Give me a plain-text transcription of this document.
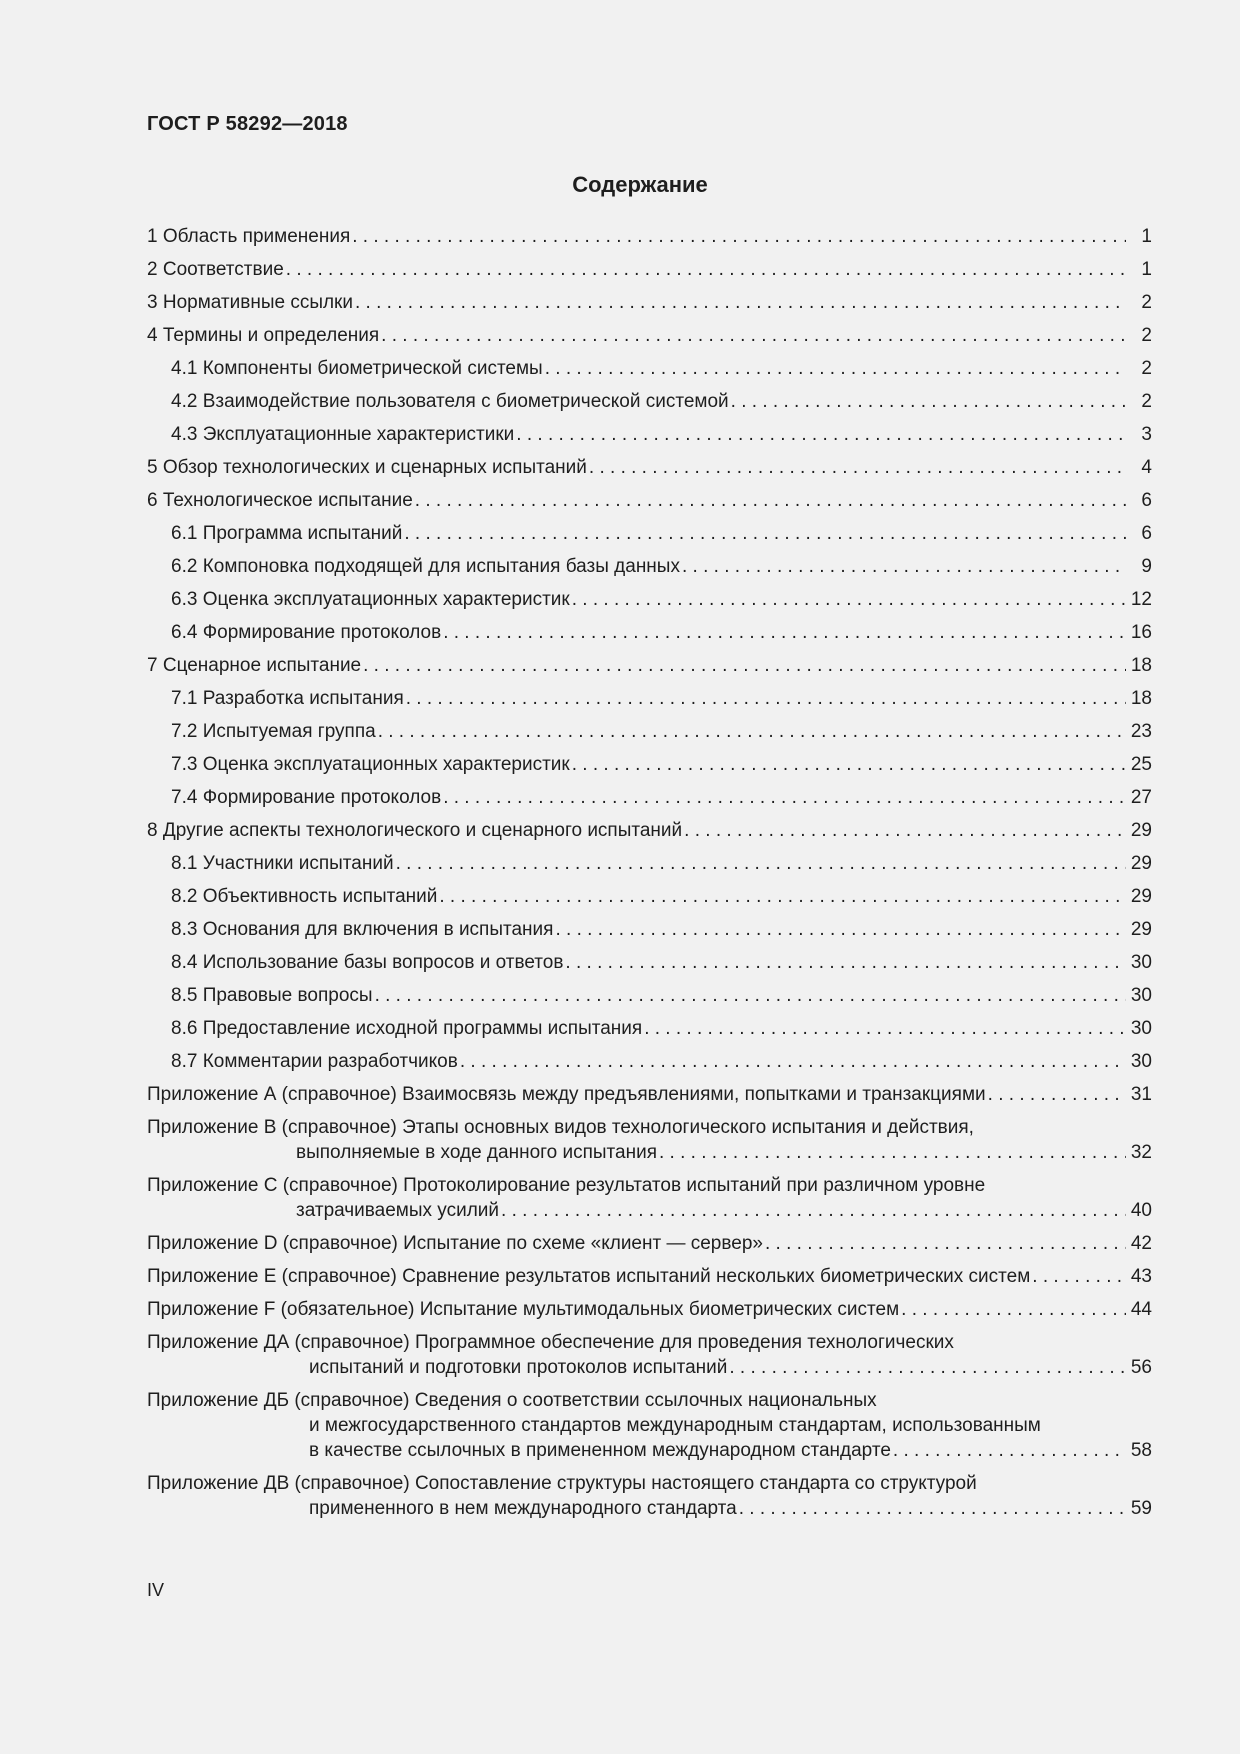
ГОСТ Р 58292—2018
Содержание
1 Область применения . . .	1
2 Соответствие . . .	1
3 Нормативные ссылки . . .	2
4 Термины и определения . . .	2
4.1 Компоненты биометрической системы . . .	2
4.2 Взаимодействие пользователя с биометрической системой . . .	2
4.3 Эксплуатационные характеристики . . .	3
5 Обзор технологических и сценарных испытаний . . .	4
6 Технологическое испытание . . .	6
6.1 Программа испытаний . . .	6
6.2 Компоновка подходящей для испытания базы данных . . .	9
6.3 Оценка эксплуатационных характеристик . . .	12
6.4 Формирование протоколов . . .	16
7 Сценарное испытание . . .	18
7.1 Разработка испытания . . .	18
7.2 Испытуемая группа . . .	23
7.3 Оценка эксплуатационных характеристик . . .	25
7.4 Формирование протоколов . . .	27
8 Другие аспекты технологического и сценарного испытаний . . .	29
8.1 Участники испытаний . . .	29
8.2 Объективность испытаний . . .	29
8.3 Основания для включения в испытания . . .	29
8.4 Использование базы вопросов и ответов . . .	30
8.5 Правовые вопросы . . .	30
8.6 Предоставление исходной программы испытания . . .	30
8.7 Комментарии разработчиков . . .	30
Приложение А (справочное) Взаимосвязь между предъявлениями, попытками и транзакциями . . .	31
Приложение В (справочное) Этапы основных видов технологического испытания и действия,
выполняемые в ходе данного испытания . . .	32
Приложение С (справочное) Протоколирование результатов испытаний при различном уровне
затрачиваемых усилий . . .	40
Приложение D (справочное) Испытание по схеме «клиент — сервер» . . .	42
Приложение Е (справочное) Сравнение результатов испытаний нескольких биометрических систем . . .	43
Приложение F (обязательное) Испытание мультимодальных биометрических систем . . .	44
Приложение ДА (справочное) Программное обеспечение для проведения технологических
испытаний и подготовки протоколов испытаний . . .	56
Приложение ДБ (справочное) Сведения о соответствии ссылочных национальных
и межгосударственного стандартов международным стандартам, использованным
в качестве ссылочных в примененном международном стандарте . . .	58
Приложение ДВ (справочное) Сопоставление структуры настоящего стандарта со структурой
примененного в нем международного стандарта . . .	59
IV
